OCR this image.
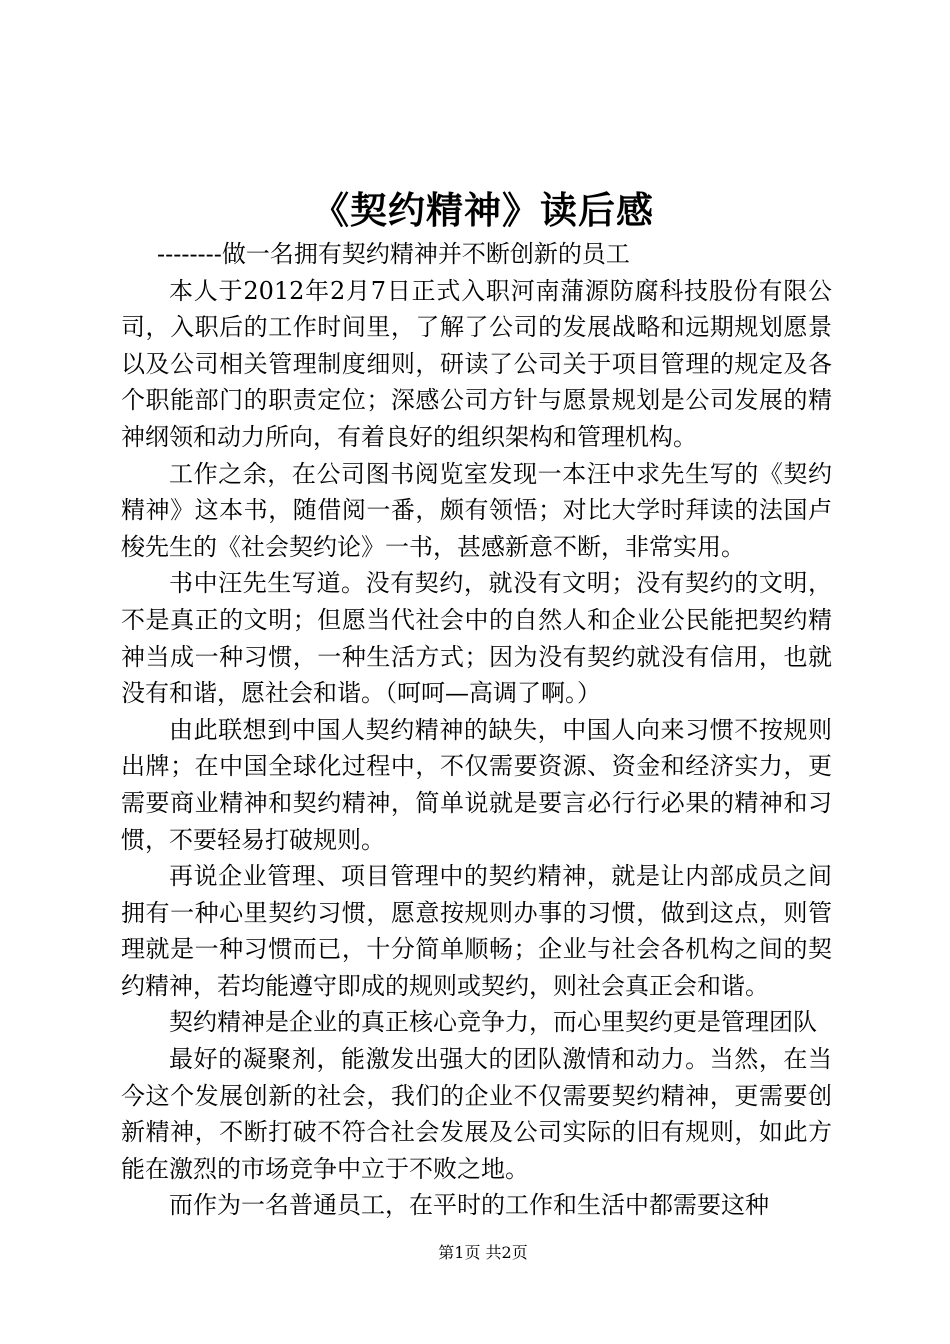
《契约精神》读后感

--------做一名拥有契约精神并不断创新的员工

本人于2012年2月7日正式入职河南蒲源防腐科技股份有限公司，入职后的工作时间里，了解了公司的发展战略和远期规划愿景以及公司相关管理制度细则，研读了公司关于项目管理的规定及各个职能部门的职责定位；深感公司方针与愿景规划是公司发展的精神纲领和动力所向，有着良好的组织架构和管理机构。

工作之余，在公司图书阅览室发现一本汪中求先生写的《契约精神》这本书，随借阅一番，颇有领悟；对比大学时拜读的法国卢梭先生的《社会契约论》一书，甚感新意不断，非常实用。

书中汪先生写道。没有契约，就没有文明；没有契约的文明，不是真正的文明；但愿当代社会中的自然人和企业公民能把契约精神当成一种习惯，一种生活方式；因为没有契约就没有信用，也就没有和谐，愿社会和谐。（呵呵—高调了啊。）

由此联想到中国人契约精神的缺失，中国人向来习惯不按规则出牌；在中国全球化过程中，不仅需要资源、资金和经济实力，更需要商业精神和契约精神，简单说就是要言必行行必果的精神和习惯，不要轻易打破规则。

再说企业管理、项目管理中的契约精神，就是让内部成员之间拥有一种心里契约习惯，愿意按规则办事的习惯，做到这点，则管理就是一种习惯而已，十分简单顺畅；企业与社会各机构之间的契约精神，若均能遵守即成的规则或契约，则社会真正会和谐。

契约精神是企业的真正核心竞争力，而心里契约更是管理团队

最好的凝聚剂，能激发出强大的团队激情和动力。当然，在当今这个发展创新的社会，我们的企业不仅需要契约精神，更需要创新精神，不断打破不符合社会发展及公司实际的旧有规则，如此方能在激烈的市场竞争中立于不败之地。

而作为一名普通员工，在平时的工作和生活中都需要这种

第1页 共2页
